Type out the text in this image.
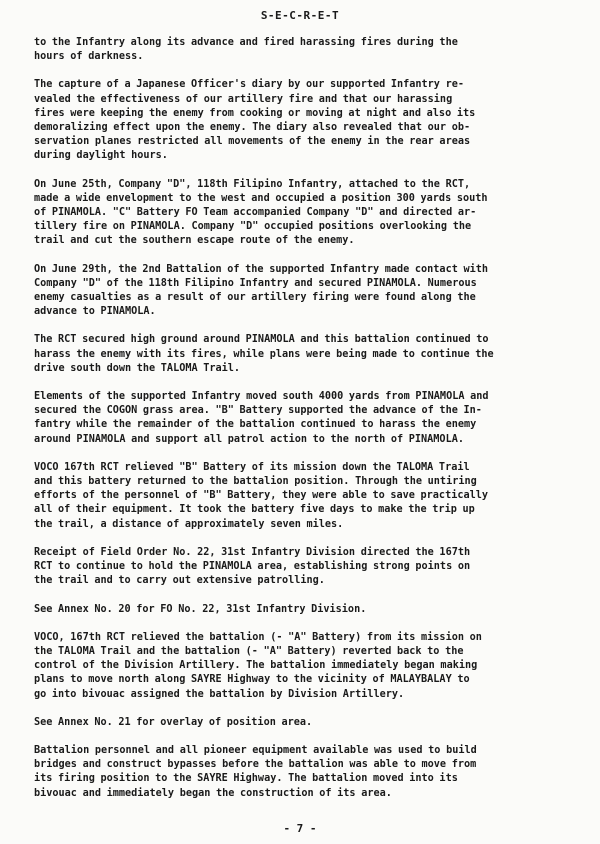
S-E-C-R-E-T

to the Infantry along its advance and fired harassing fires during the
hours of darkness.

The capture of a Japanese Officer's diary by our supported Infantry re-
vealed the effectiveness of our artillery fire and that our harassing
fires were keeping the enemy from cooking or moving at night and also its
demoralizing effect upon the enemy. The diary also revealed that our ob-
servation planes restricted all movements of the enemy in the rear areas
during daylight hours.

On June 25th, Company "D", 118th Filipino Infantry, attached to the RCT,
made a wide envelopment to the west and occupied a position 300 yards south
of PINAMOLA. "C" Battery FO Team accompanied Company "D" and directed ar-
tillery fire on PINAMOLA. Company "D" occupied positions overlooking the
trail and cut the southern escape route of the enemy.

On June 29th, the 2nd Battalion of the supported Infantry made contact with
Company "D" of the 118th Filipino Infantry and secured PINAMOLA. Numerous
enemy casualties as a result of our artillery firing were found along the
advance to PINAMOLA.

The RCT secured high ground around PINAMOLA and this battalion continued to
harass the enemy with its fires, while plans were being made to continue the
drive south down the TALOMA Trail.

Elements of the supported Infantry moved south 4000 yards from PINAMOLA and
secured the COGON grass area. "B" Battery supported the advance of the In-
fantry while the remainder of the battalion continued to harass the enemy
around PINAMOLA and support all patrol action to the north of PINAMOLA.

VOCO 167th RCT relieved "B" Battery of its mission down the TALOMA Trail
and this battery returned to the battalion position. Through the untiring
efforts of the personnel of "B" Battery, they were able to save practically
all of their equipment. It took the battery five days to make the trip up
the trail, a distance of approximately seven miles.

Receipt of Field Order No. 22, 31st Infantry Division directed the 167th
RCT to continue to hold the PINAMOLA area, establishing strong points on
the trail and to carry out extensive patrolling.

See Annex No. 20 for FO No. 22, 31st Infantry Division.

VOCO, 167th RCT relieved the battalion (- "A" Battery) from its mission on
the TALOMA Trail and the battalion (- "A" Battery) reverted back to the
control of the Division Artillery. The battalion immediately began making
plans to move north along SAYRE Highway to the vicinity of MALAYBALAY to
go into bivouac assigned the battalion by Division Artillery.

See Annex No. 21 for overlay of position area.

Battalion personnel and all pioneer equipment available was used to build
bridges and construct bypasses before the battalion was able to move from
its firing position to the SAYRE Highway. The battalion moved into its
bivouac and immediately began the construction of its area.

- 7 -
